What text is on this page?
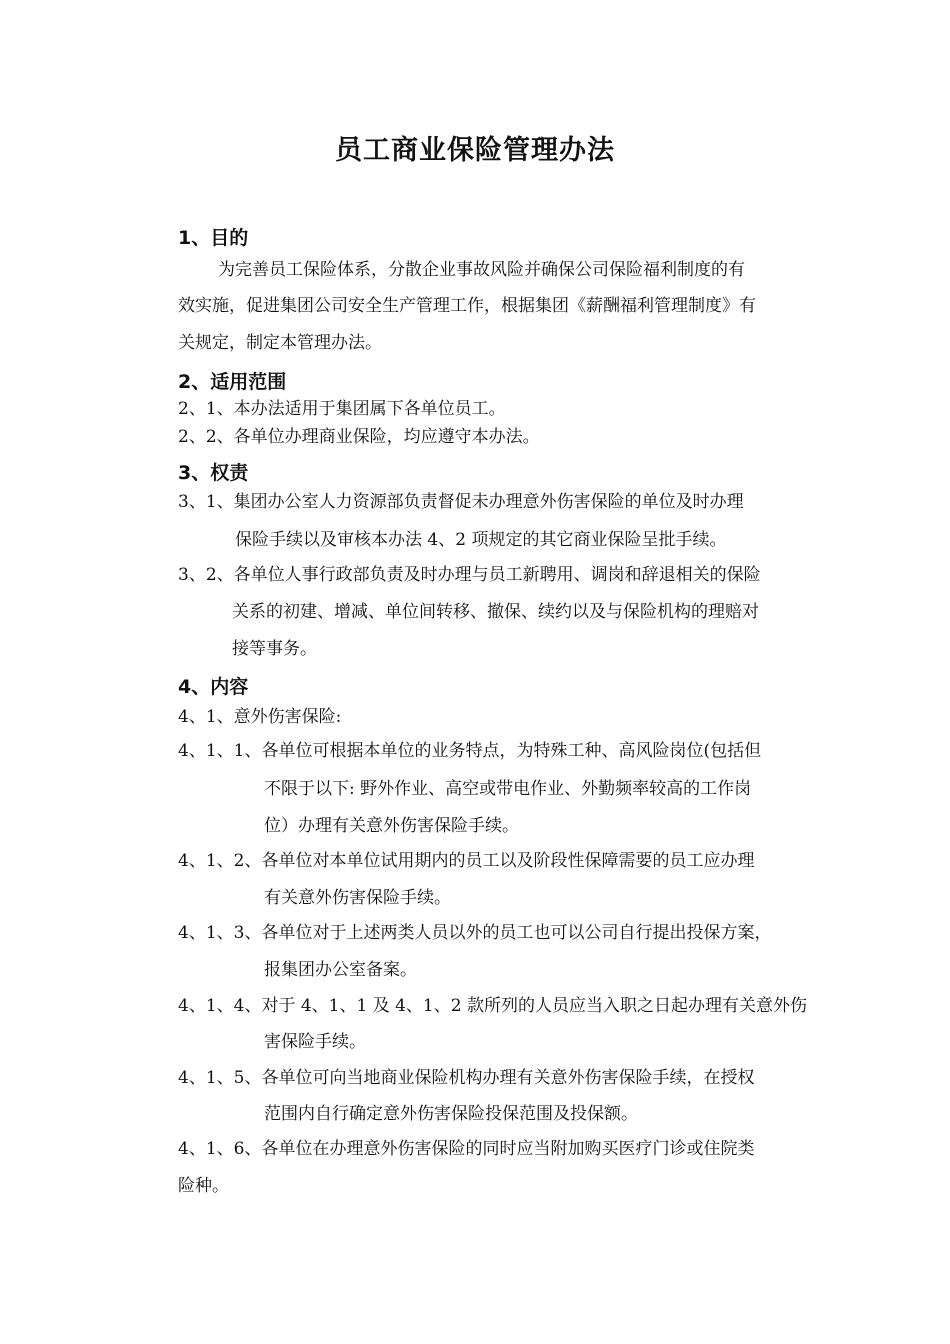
员工商业保险管理办法
1、目的
为完善员工保险体系，分散企业事故风险并确保公司保险福利制度的有
效实施，促进集团公司安全生产管理工作，根据集团《薪酬福利管理制度》有
关规定，制定本管理办法。
2、适用范围
2、1、本办法适用于集团属下各单位员工。
2、2、各单位办理商业保险，均应遵守本办法。
3、权责
3、1、集团办公室人力资源部负责督促未办理意外伤害保险的单位及时办理
保险手续以及审核本办法 4、2 项规定的其它商业保险呈批手续。
3、2、各单位人事行政部负责及时办理与员工新聘用、调岗和辞退相关的保险
关系的初建、增减、单位间转移、撤保、续约以及与保险机构的理赔对
接等事务。
4、内容
4、1、意外伤害保险:
4、1、1、各单位可根据本单位的业务特点，为特殊工种、高风险岗位(包括但
不限于以下: 野外作业、高空或带电作业、外勤频率较高的工作岗
位）办理有关意外伤害保险手续。
4、1、2、各单位对本单位试用期内的员工以及阶段性保障需要的员工应办理
有关意外伤害保险手续。
4、1、3、各单位对于上述两类人员以外的员工也可以公司自行提出投保方案，
报集团办公室备案。
4、1、4、对于 4、1、1 及 4、1、2 款所列的人员应当入职之日起办理有关意外伤
害保险手续。
4、1、5、各单位可向当地商业保险机构办理有关意外伤害保险手续，在授权
范围内自行确定意外伤害保险投保范围及投保额。
4、1、6、各单位在办理意外伤害保险的同时应当附加购买医疗门诊或住院类
险种。
